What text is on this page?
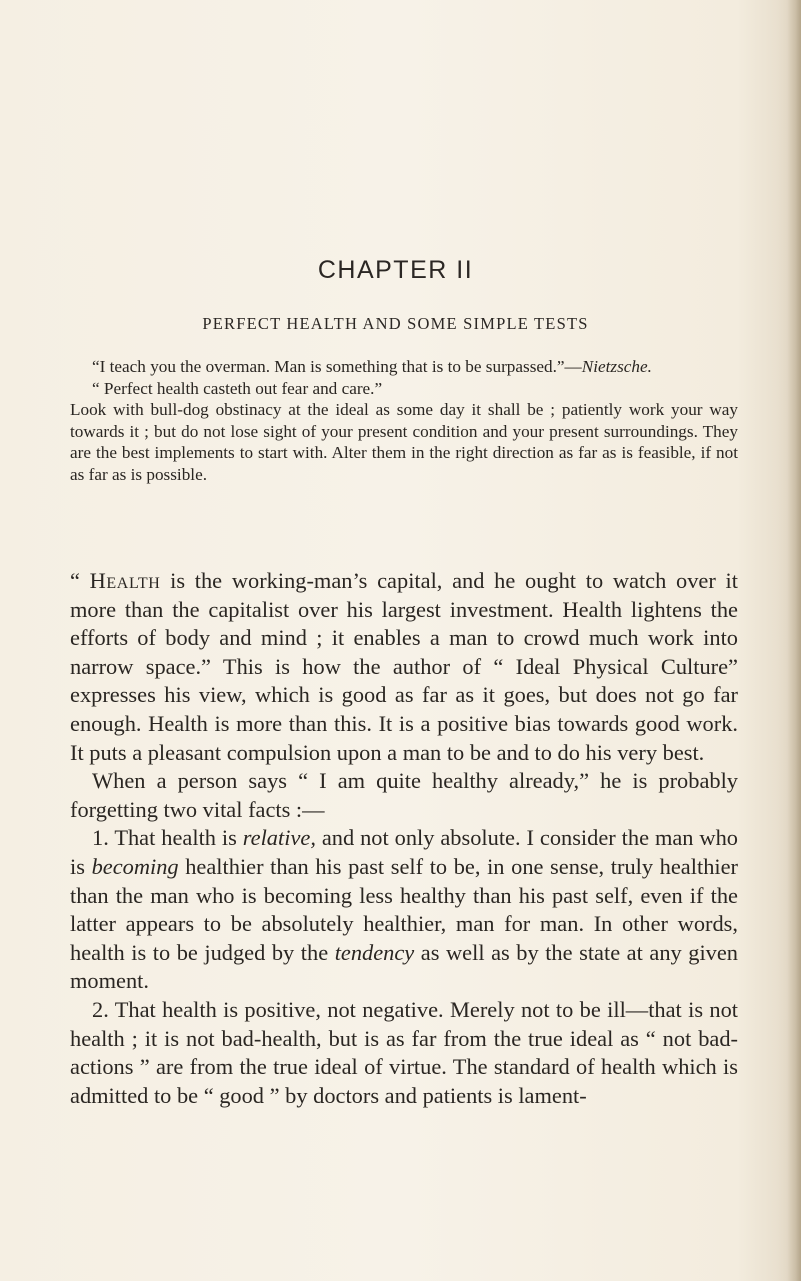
CHAPTER II
PERFECT HEALTH AND SOME SIMPLE TESTS

“I teach you the overman. Man is something that is to be surpassed.”—Nietzsche.

“ Perfect health casteth out fear and care.”

Look with bull-dog obstinacy at the ideal as some day it shall be ; patiently work your way towards it ; but do not lose sight of your present condition and your present surroundings. They are the best implements to start with. Alter them in the right direction as far as is feasible, if not as far as is possible.

“ Health is the working-man’s capital, and he ought to watch over it more than the capitalist over his largest investment. Health lightens the efforts of body and mind ; it enables a man to crowd much work into narrow space.” This is how the author of “ Ideal Physical Culture” expresses his view, which is good as far as it goes, but does not go far enough. Health is more than this. It is a positive bias towards good work. It puts a pleasant compulsion upon a man to be and to do his very best.

When a person says “ I am quite healthy already,” he is probably forgetting two vital facts :—

1. That health is relative, and not only absolute. I consider the man who is becoming healthier than his past self to be, in one sense, truly healthier than the man who is becoming less healthy than his past self, even if the latter appears to be absolutely healthier, man for man. In other words, health is to be judged by the tendency as well as by the state at any given moment.

2. That health is positive, not negative. Merely not to be ill—that is not health ; it is not bad-health, but is as far from the true ideal as “ not bad-actions ” are from the true ideal of virtue. The standard of health which is admitted to be “ good ” by doctors and patients is lament-
